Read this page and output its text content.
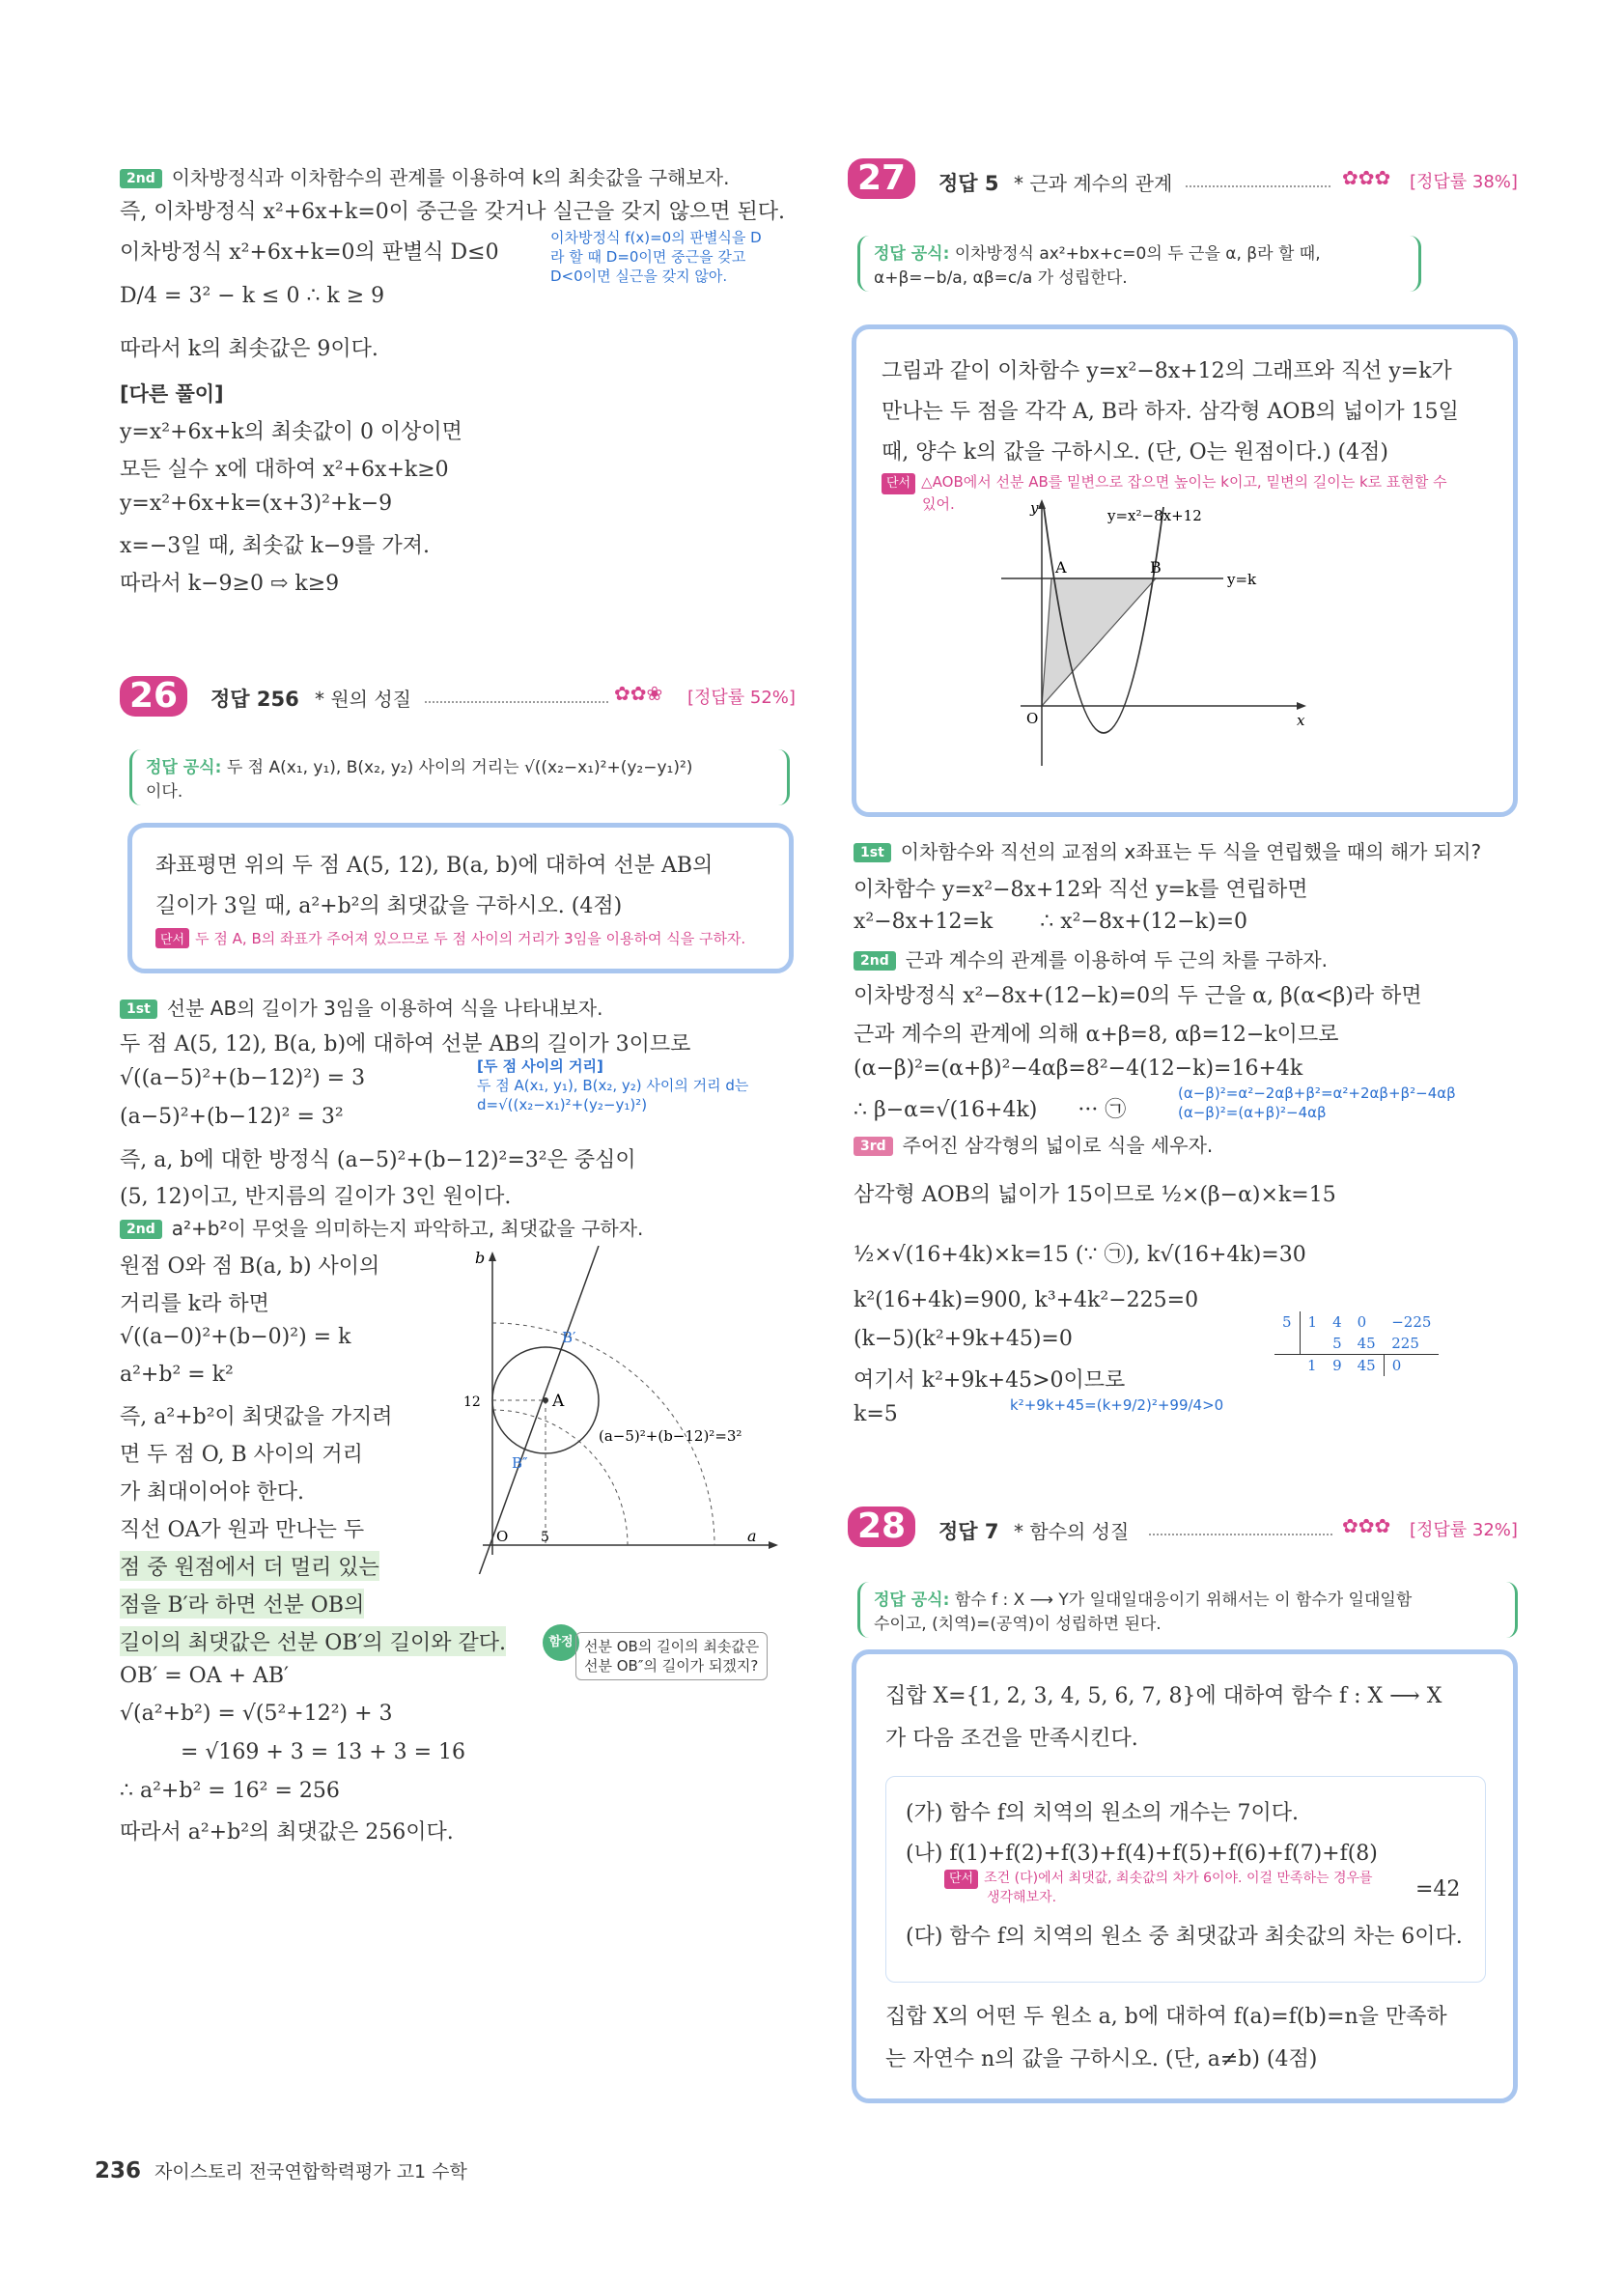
2nd 이차방정식과 이차함수의 관계를 이용하여 k의 최솟값을 구해보자.
즉, 이차방정식 x²+6x+k=0이 중근을 갖거나 실근을 갖지 않으면 된다.
이차방정식 x²+6x+k=0의 판별식 D≤0
이차방정식 f(x)=0의 판별식을 D
라 할 때 D=0이면 중근을 갖고
D<0이면 실근을 갖지 않아.
D/4 = 3² − k ≤ 0 ∴ k ≥ 9
따라서 k의 최솟값은 9이다.
[다른 풀이]
y=x²+6x+k의 최솟값이 0 이상이면
모든 실수 x에 대하여 x²+6x+k≥0
y=x²+6x+k=(x+3)²+k−9
x=−3일 때, 최솟값 k−9를 가져.
따라서 k−9≥0 ⇨ k≥9
26	정답 256 * 원의 성질	✿✿❀ [정답률 52%]
정답 공식: 두 점 A(x₁, y₁), B(x₂, y₂) 사이의 거리는 √((x₂−x₁)²+(y₂−y₁)²)
이다.
좌표평면 위의 두 점 A(5, 12), B(a, b)에 대하여 선분 AB의
길이가 3일 때, a²+b²의 최댓값을 구하시오. (4점)
단서 두 점 A, B의 좌표가 주어져 있으므로 두 점 사이의 거리가 3임을 이용하여 식을 구하자.
1st 선분 AB의 길이가 3임을 이용하여 식을 나타내보자.
두 점 A(5, 12), B(a, b)에 대하여 선분 AB의 길이가 3이므로
√((a−5)²+(b−12)²) = 3
(a−5)²+(b−12)² = 3²
즉, a, b에 대한 방정식 (a−5)²+(b−12)²=3²은 중심이
(5, 12)이고, 반지름의 길이가 3인 원이다.
[두 점 사이의 거리]
두 점 A(x₁, y₁), B(x₂, y₂) 사이의 거리 d는
d=√((x₂−x₁)²+(y₂−y₁)²)
2nd a²+b²이 무엇을 의미하는지 파악하고, 최댓값을 구하자.
원점 O와 점 B(a, b) 사이의
거리를 k라 하면
√((a−0)²+(b−0)²) = k
a²+b² = k²
즉, a²+b²이 최댓값을 가지려
면 두 점 O, B 사이의 거리
가 최대이어야 한다.
직선 OA가 원과 만나는 두
점 중 원점에서 더 멀리 있는
점을 B′라 하면 선분 OB의
길이의 최댓값은 선분 OB′의 길이와 같다.
OB′ = OA + AB′
√(a²+b²) = √(5²+12²) + 3
= √169 + 3 = 13 + 3 = 16
∴ a²+b² = 16² = 256
따라서 a²+b²의 최댓값은 256이다.
함정 선분 OB의 길이의 최솟값은
선분 OB″의 길이가 되겠지?
A
B′
B″
b
a
O
12
5
(a−5)²+(b−12)²=3²
27	정답 5 * 근과 계수의 관계	✿✿✿ [정답률 38%]
정답 공식: 이차방정식 ax²+bx+c=0의 두 근을 α, β라 할 때,
α+β=−b/a, αβ=c/a 가 성립한다.
그림과 같이 이차함수 y=x²−8x+12의 그래프와 직선 y=k가
만나는 두 점을 각각 A, B라 하자. 삼각형 AOB의 넓이가 15일
때, 양수 k의 값을 구하시오. (단, O는 원점이다.) (4점)
단서 △AOB에서 선분 AB를 밑변으로 잡으면 높이는 k이고, 밑변의 길이는 k로 표현할 수
있어.	y
x
O
A	B
y=x²−8x+12
y=k
1st 이차함수와 직선의 교점의 x좌표는 두 식을 연립했을 때의 해가 되지?
이차함수 y=x²−8x+12와 직선 y=k를 연립하면
x²−8x+12=k       ∴ x²−8x+(12−k)=0
2nd 근과 계수의 관계를 이용하여 두 근의 차를 구하자.
이차방정식 x²−8x+(12−k)=0의 두 근을 α, β(α<β)라 하면
근과 계수의 관계에 의해 α+β=8, αβ=12−k이므로
(α−β)²=(α+β)²−4αβ=8²−4(12−k)=16+4k
∴ β−α=√(16+4k)      ··· ㉠
(α−β)²=α²−2αβ+β²=α²+2αβ+β²−4αβ
(α−β)²=(α+β)²−4αβ
3rd 주어진 삼각형의 넓이로 식을 세우자.
삼각형 AOB의 넓이가 15이므로 ½×(β−α)×k=15
½×√(16+4k)×k=15 (∵ ㉠), k√(16+4k)=30
k²(16+4k)=900, k³+4k²−225=0
(k−5)(k²+9k+45)=0
여기서 k²+9k+45>0이므로
k=5	k²+9k+45=(k+9/2)²+99/4>0
5	1	4	0	−225
		5	45	225
	1	9	45	0
28	정답 7 * 함수의 성질	✿✿✿ [정답률 32%]
정답 공식: 함수 f : X ⟶ Y가 일대일대응이기 위해서는 이 함수가 일대일함
수이고, (치역)=(공역)이 성립하면 된다.
집합 X={1, 2, 3, 4, 5, 6, 7, 8}에 대하여 함수 f : X ⟶ X
가 다음 조건을 만족시킨다.
(가) 함수 f의 치역의 원소의 개수는 7이다.
(나) f(1)+f(2)+f(3)+f(4)+f(5)+f(6)+f(7)+f(8)
단서 조건 (다)에서 최댓값, 최솟값의 차가 6이야. 이걸 만족하는 경우를
생각해보자.	=42
(다) 함수 f의 치역의 원소 중 최댓값과 최솟값의 차는 6이다.
집합 X의 어떤 두 원소 a, b에 대하여 f(a)=f(b)=n을 만족하
는 자연수 n의 값을 구하시오. (단, a≠b) (4점)
236 자이스토리 전국연합학력평가 고1 수학
